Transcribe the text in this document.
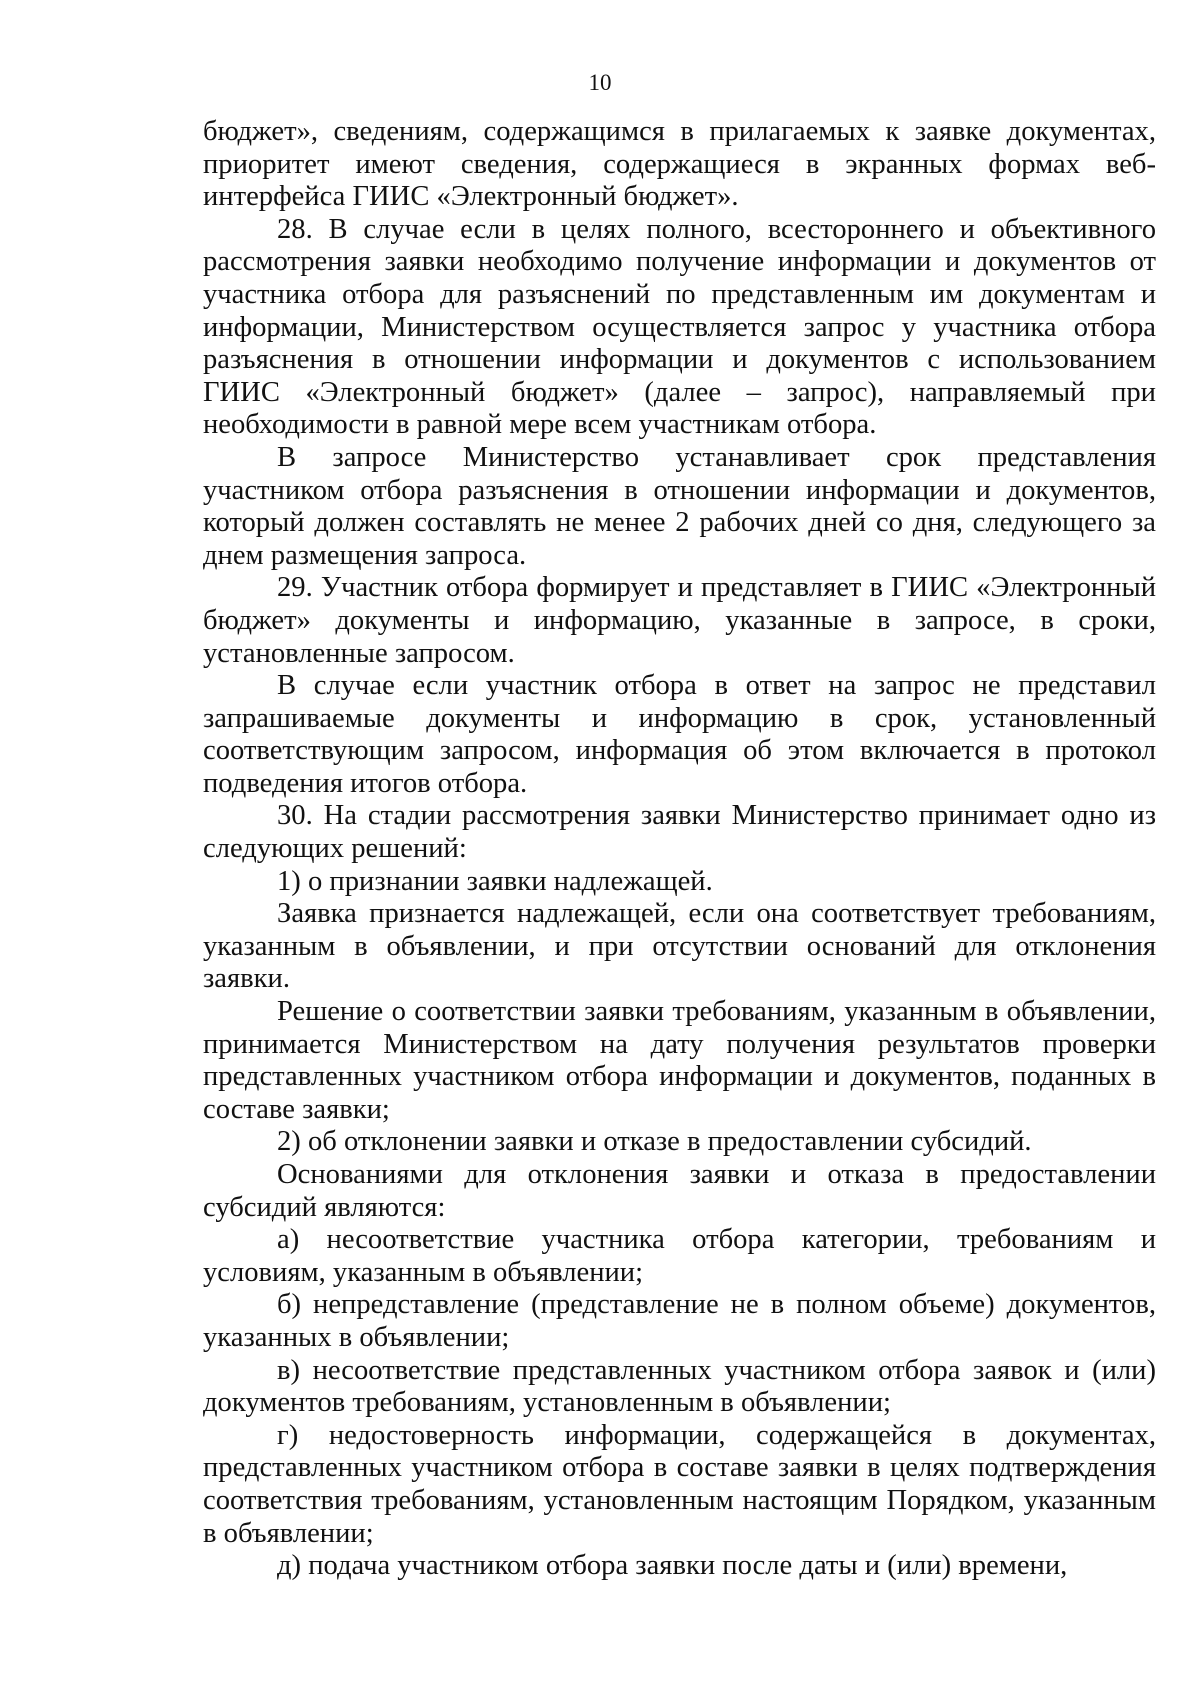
10

бюджет», сведениям, содержащимся в прилагаемых к заявке документах, приоритет имеют сведения, содержащиеся в экранных формах веб-интерфейса ГИИС «Электронный бюджет».

28. В случае если в целях полного, всестороннего и объективного рассмотрения заявки необходимо получение информации и документов от участника отбора для разъяснений по представленным им документам и информации, Министерством осуществляется запрос у участника отбора разъяснения в отношении информации и документов с использованием ГИИС «Электронный бюджет» (далее – запрос), направляемый при необходимости в равной мере всем участникам отбора.

В запросе Министерство устанавливает срок представления участником отбора разъяснения в отношении информации и документов, который должен составлять не менее 2 рабочих дней со дня, следующего за днем размещения запроса.

29. Участник отбора формирует и представляет в ГИИС «Электронный бюджет» документы и информацию, указанные в запросе, в сроки, установленные запросом.

В случае если участник отбора в ответ на запрос не представил запрашиваемые документы и информацию в срок, установленный соответствующим запросом, информация об этом включается в протокол подведения итогов отбора.

30. На стадии рассмотрения заявки Министерство принимает одно из следующих решений:

1) о признании заявки надлежащей.

Заявка признается надлежащей, если она соответствует требованиям, указанным в объявлении, и при отсутствии оснований для отклонения заявки.

Решение о соответствии заявки требованиям, указанным в объявлении, принимается Министерством на дату получения результатов проверки представленных участником отбора информации и документов, поданных в составе заявки;

2) об отклонении заявки и отказе в предоставлении субсидий.

Основаниями для отклонения заявки и отказа в предоставлении субсидий являются:

а) несоответствие участника отбора категории, требованиям и условиям, указанным в объявлении;

б) непредставление (представление не в полном объеме) документов, указанных в объявлении;

в) несоответствие представленных участником отбора заявок и (или) документов требованиям, установленным в объявлении;

г) недостоверность информации, содержащейся в документах, представленных участником отбора в составе заявки в целях подтверждения соответствия требованиям, установленным настоящим Порядком, указанным в объявлении;

д) подача участником отбора заявки после даты и (или) времени,
